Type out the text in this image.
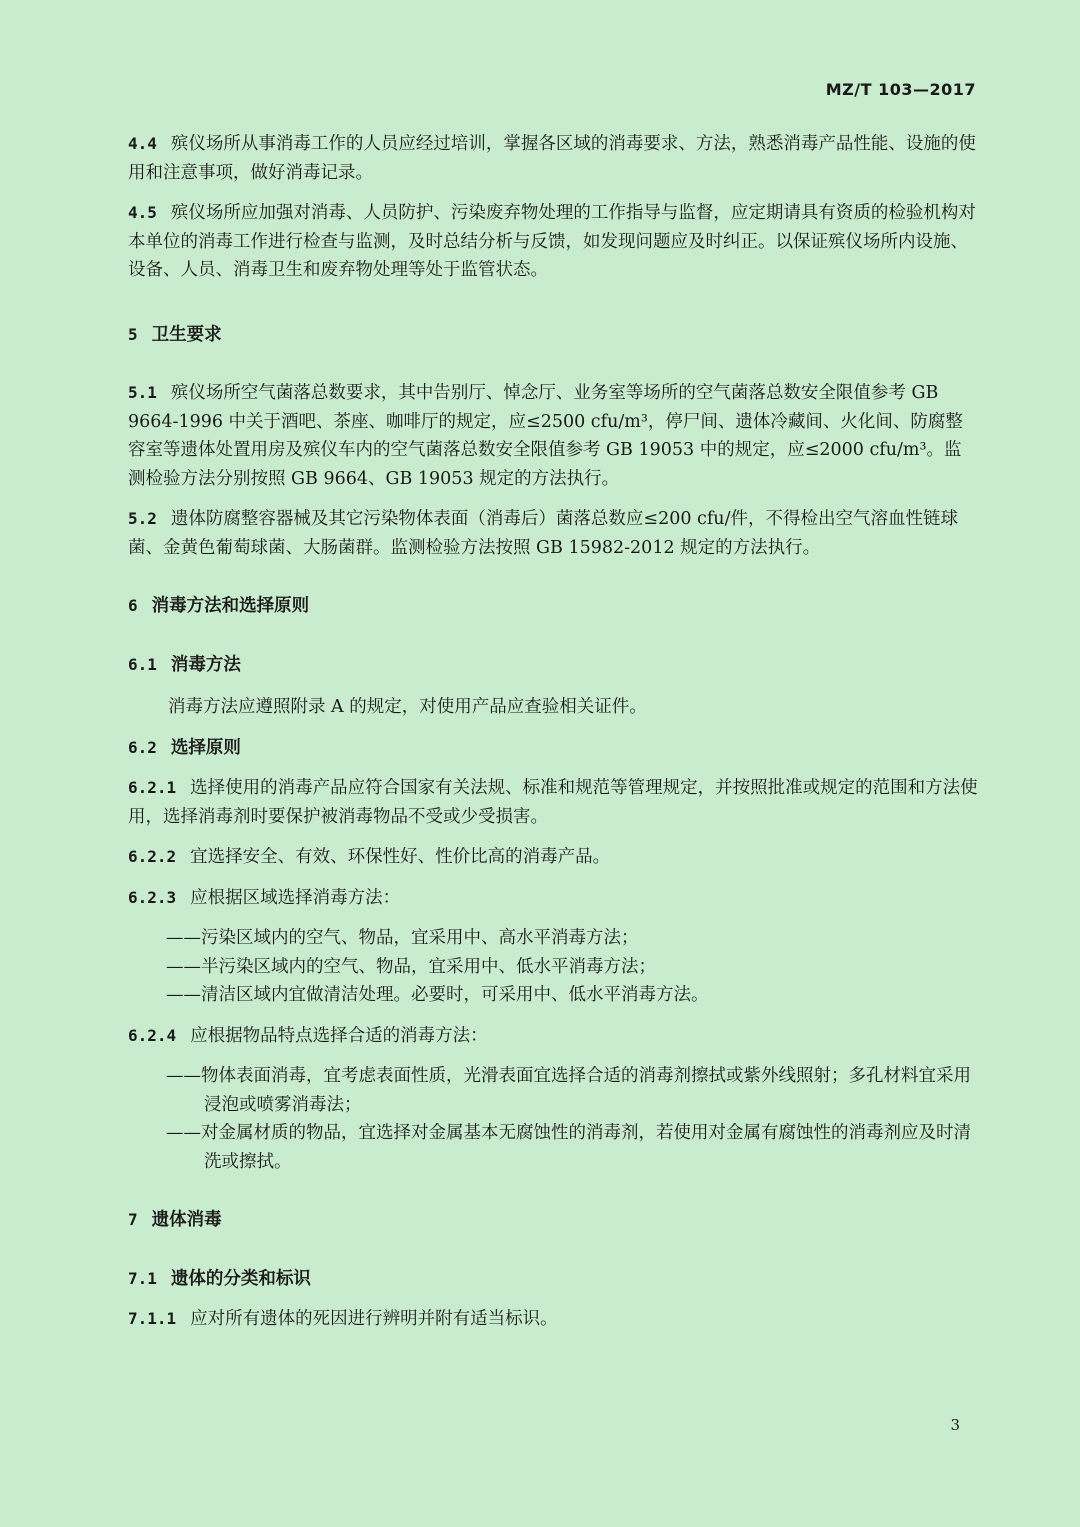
MZ/T 103—2017

4.4 殡仪场所从事消毒工作的人员应经过培训，掌握各区域的消毒要求、方法，熟悉消毒产品性能、设施的使用和注意事项，做好消毒记录。

4.5 殡仪场所应加强对消毒、人员防护、污染废弃物处理的工作指导与监督，应定期请具有资质的检验机构对本单位的消毒工作进行检查与监测，及时总结分析与反馈，如发现问题应及时纠正。以保证殡仪场所内设施、设备、人员、消毒卫生和废弃物处理等处于监管状态。

5 卫生要求

5.1 殡仪场所空气菌落总数要求，其中告别厅、悼念厅、业务室等场所的空气菌落总数安全限值参考 GB 9664-1996 中关于酒吧、茶座、咖啡厅的规定，应≤2500 cfu/m³，停尸间、遗体冷藏间、火化间、防腐整容室等遗体处置用房及殡仪车内的空气菌落总数安全限值参考 GB 19053 中的规定，应≤2000 cfu/m³。监测检验方法分别按照 GB 9664、GB 19053 规定的方法执行。

5.2 遗体防腐整容器械及其它污染物体表面（消毒后）菌落总数应≤200 cfu/件，不得检出空气溶血性链球菌、金黄色葡萄球菌、大肠菌群。监测检验方法按照 GB 15982-2012 规定的方法执行。

6 消毒方法和选择原则

6.1 消毒方法

消毒方法应遵照附录 A 的规定，对使用产品应查验相关证件。

6.2 选择原则

6.2.1 选择使用的消毒产品应符合国家有关法规、标准和规范等管理规定，并按照批准或规定的范围和方法使用，选择消毒剂时要保护被消毒物品不受或少受损害。

6.2.2 宜选择安全、有效、环保性好、性价比高的消毒产品。

6.2.3 应根据区域选择消毒方法：

——污染区域内的空气、物品，宜采用中、高水平消毒方法；

——半污染区域内的空气、物品，宜采用中、低水平消毒方法；

——清洁区域内宜做清洁处理。必要时，可采用中、低水平消毒方法。

6.2.4 应根据物品特点选择合适的消毒方法：

——物体表面消毒，宜考虑表面性质，光滑表面宜选择合适的消毒剂擦拭或紫外线照射；多孔材料宜采用浸泡或喷雾消毒法；

——对金属材质的物品，宜选择对金属基本无腐蚀性的消毒剂，若使用对金属有腐蚀性的消毒剂应及时清洗或擦拭。

7 遗体消毒

7.1 遗体的分类和标识

7.1.1 应对所有遗体的死因进行辨明并附有适当标识。

3
